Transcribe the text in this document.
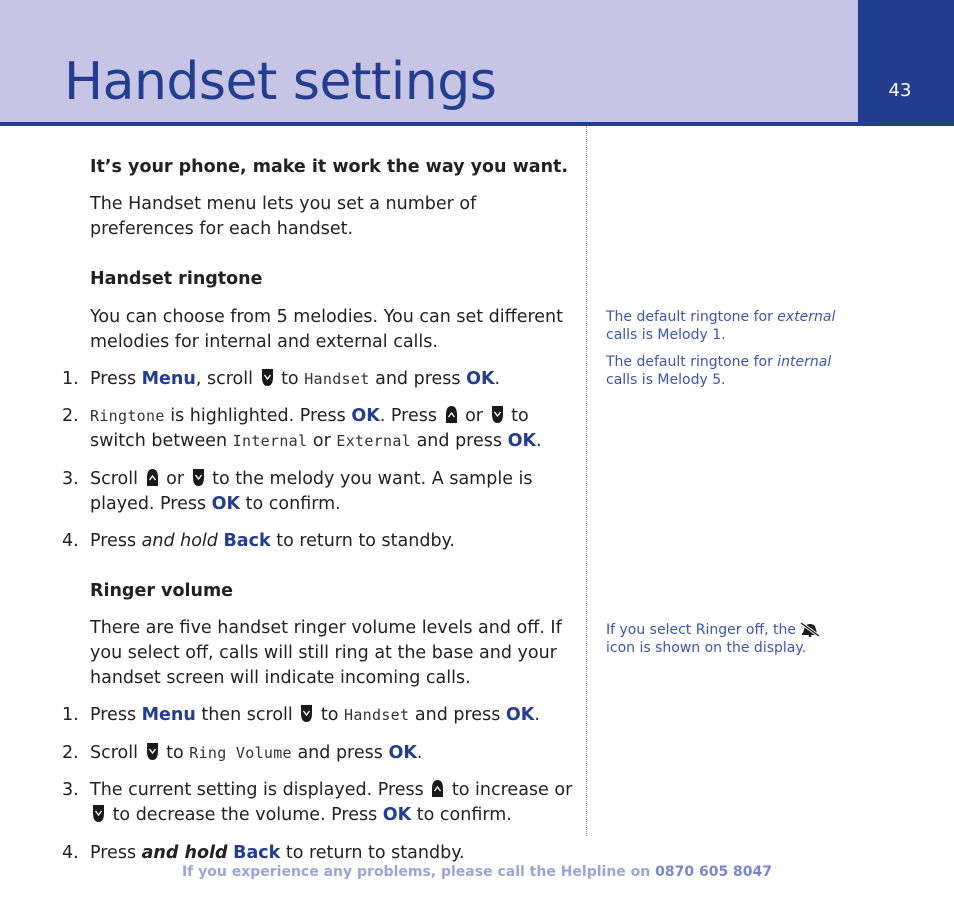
Handset settings	43
It’s your phone, make it work the way you want.

The Handset menu lets you set a number of preferences for each handset.

Handset ringtone

You can choose from 5 melodies. You can set different melodies for internal and external calls.

1. Press Menu, scroll  to Handset and press OK.
2. Ringtone is highlighted. Press OK. Press  or  to switch between Internal or External and press OK.
3. Scroll  or  to the melody you want. A sample is played. Press OK to confirm.
4. Press and hold Back to return to standby.
Ringer volume

There are five handset ringer volume levels and off. If you select off, calls will still ring at the base and your handset screen will indicate incoming calls.

1. Press Menu then scroll  to Handset and press OK.
2. Scroll  to Ring Volume and press OK.
3. The current setting is displayed. Press  to increase or  to decrease the volume. Press OK to confirm.
4. Press and hold Back to return to standby.
The default ringtone for external
calls is Melody 1.
The default ringtone for internal
calls is Melody 5.
If you select Ringer off, the  icon is shown on the display.
If you experience any problems, please call the Helpline on 0870 605 8047
